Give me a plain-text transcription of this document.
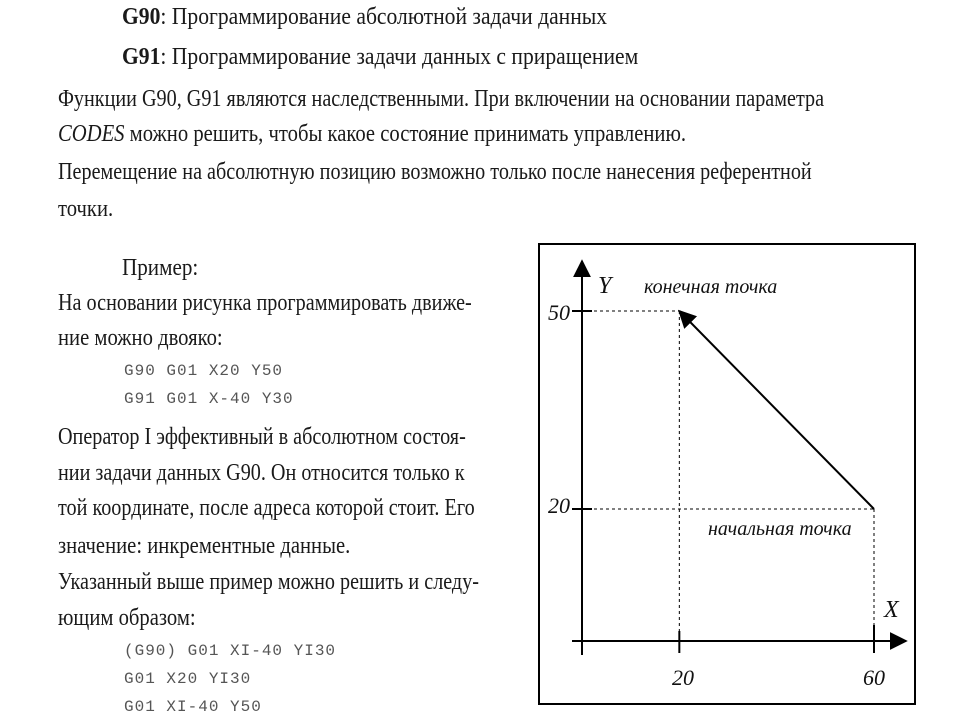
G90: Программирование абсолютной задачи данных
G91: Программирование задачи данных с приращением
Функции G90, G91 являются наследственными. При включении на основании параметра
CODES можно решить, чтобы какое состояние принимать управлению.
Перемещение на абсолютную позицию возможно только после нанесения референтной
точки.
Пример:
На основании рисунка программировать движе-
ние можно двояко:
G90 G01 X20 Y50
G91 G01 X-40 Y30
Оператор I эффективный в абсолютном состоя-
нии задачи данных G90. Он относится только к
той координате, после адреса которой стоит. Его
значение: инкрементные данные.
Указанный выше пример можно решить и следу-
ющим образом:
(G90) G01 XI-40 YI30
G01 X20 YI30
G01 XI-40 Y50
Y
X
конечная точка
начальная точка
50
20
20	60
